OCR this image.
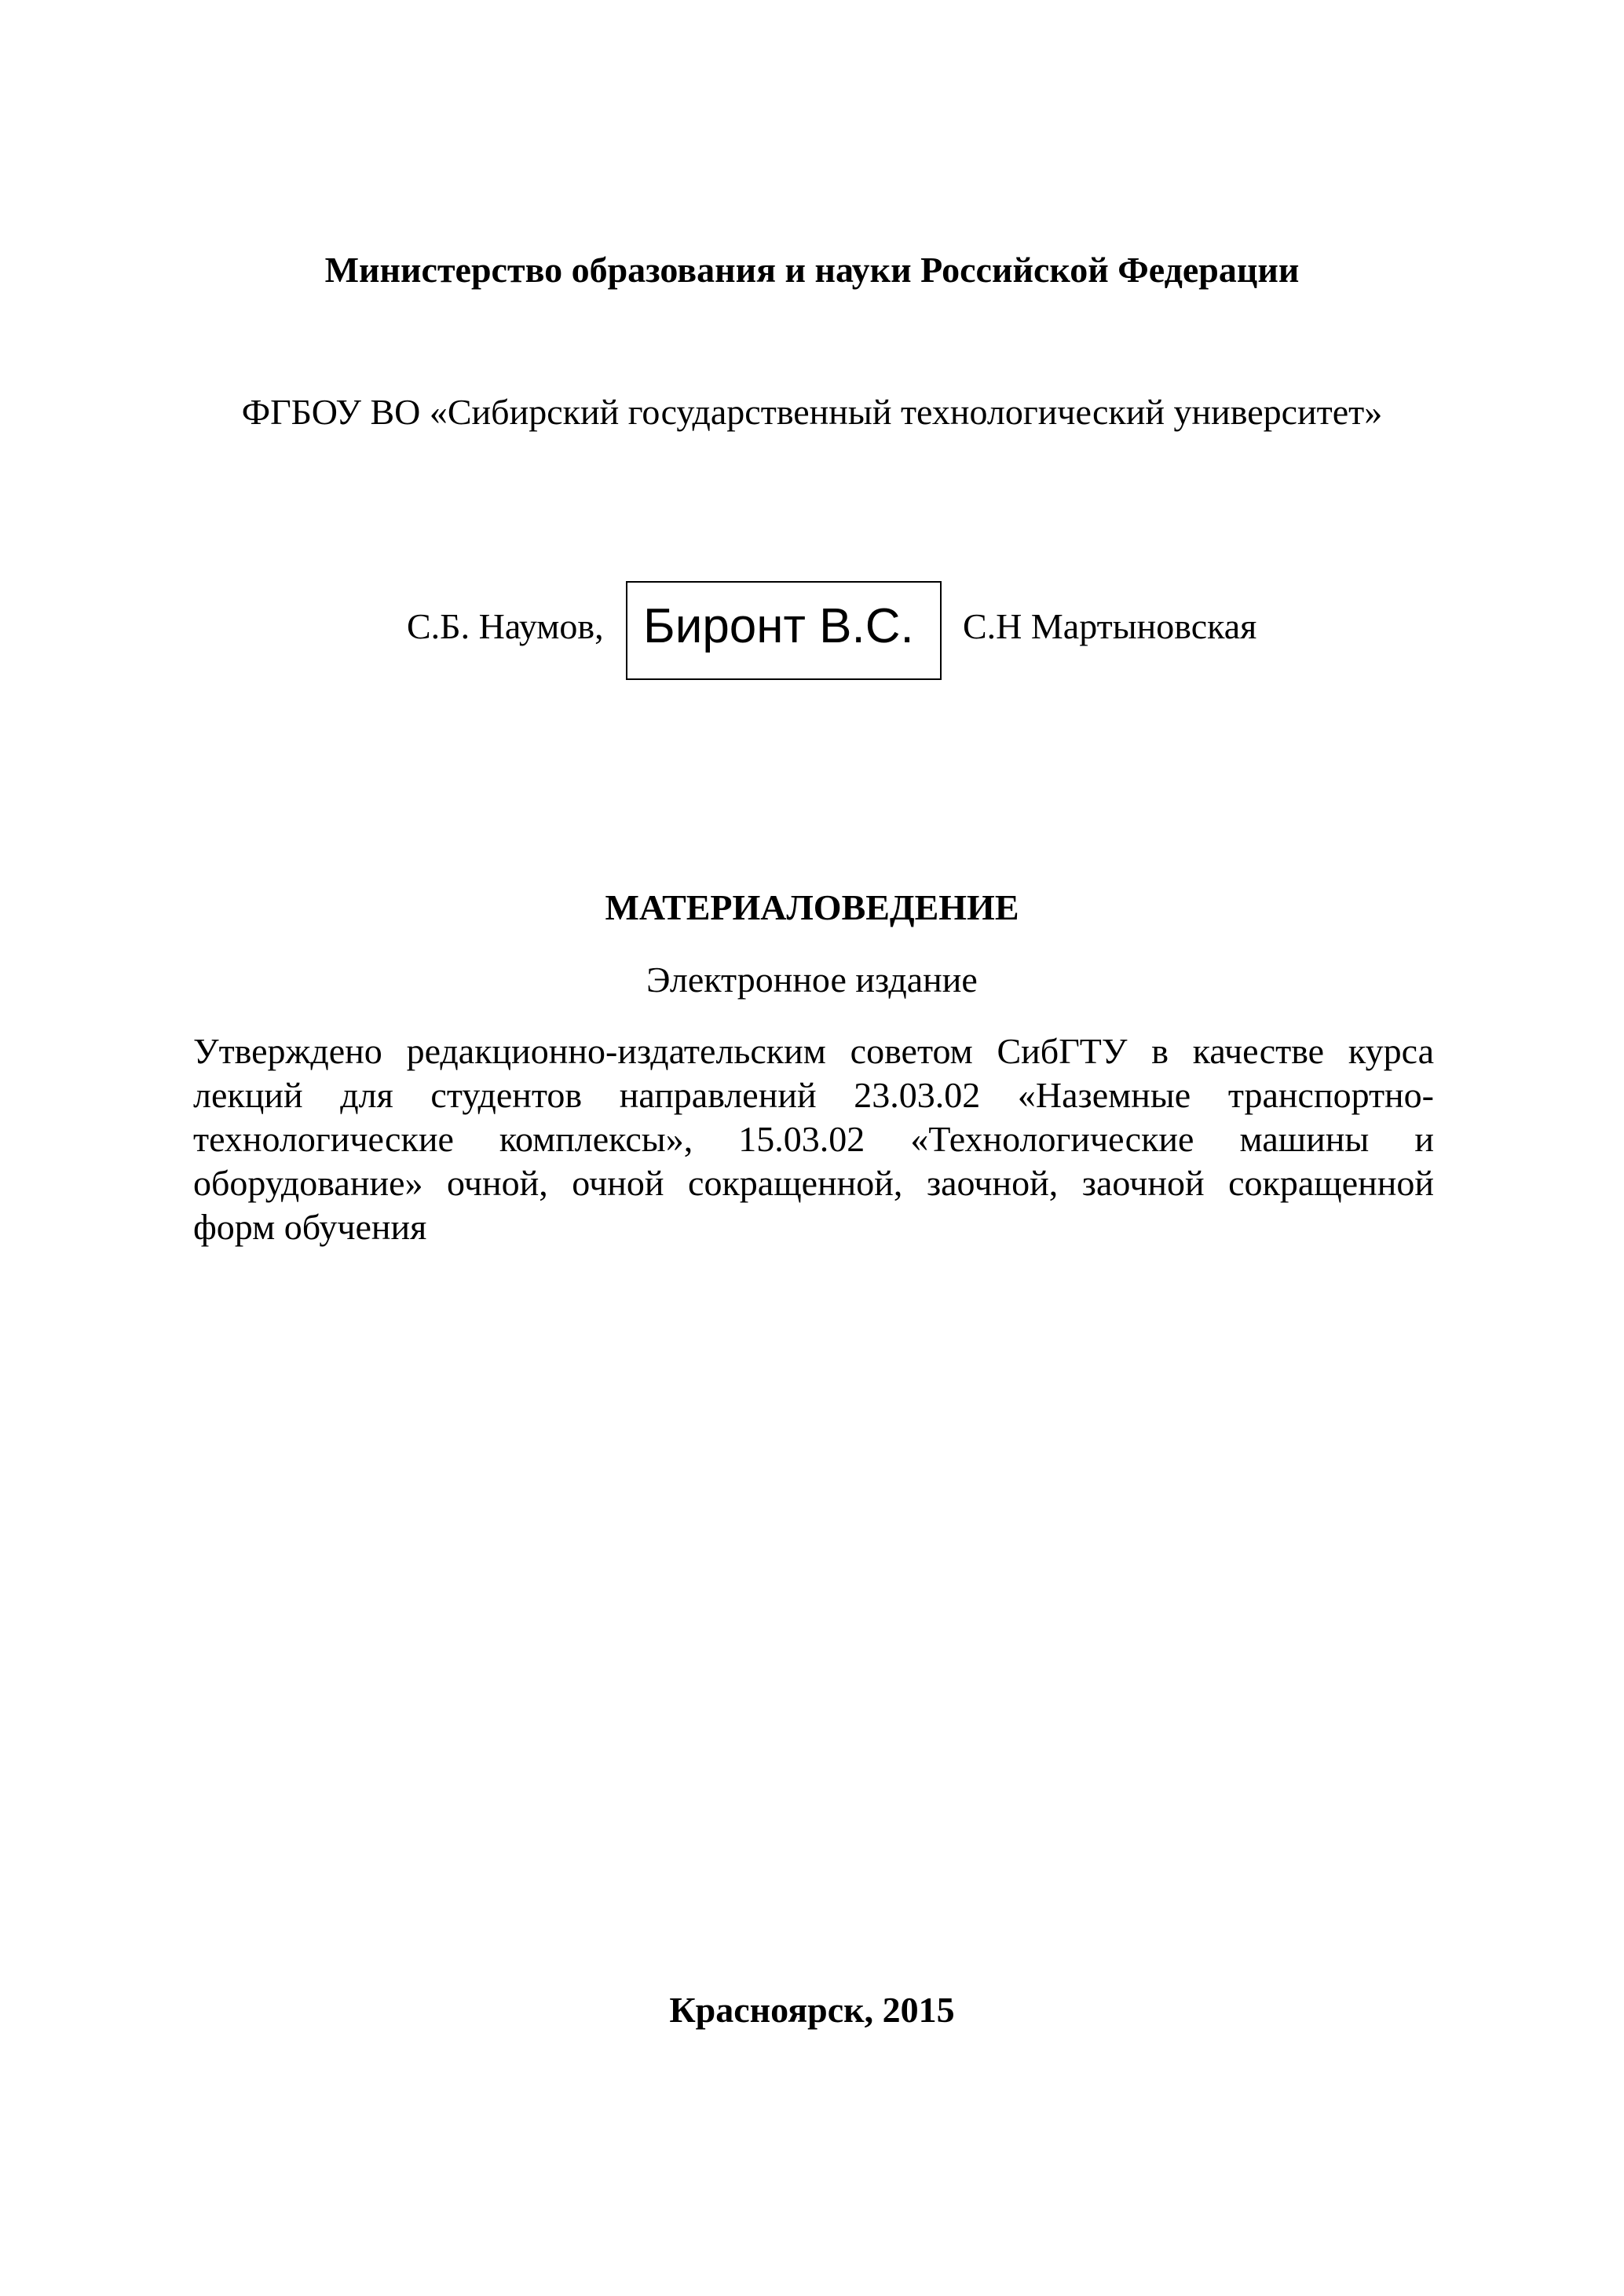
Министерство образования и науки Российской Федерации
ФГБОУ ВО «Сибирский государственный технологический университет»
С.Б. Наумов, Биронт В.С. С.Н Мартыновская
МАТЕРИАЛОВЕДЕНИЕ
Электронное издание
Утверждено редакционно-издательским советом СибГТУ в качестве курса лекций для студентов направлений 23.03.02 «Наземные транспортно-технологические комплексы», 15.03.02 «Технологические машины и оборудование» очной, очной сокращенной, заочной, заочной сокращенной форм обучения
Красноярск, 2015
